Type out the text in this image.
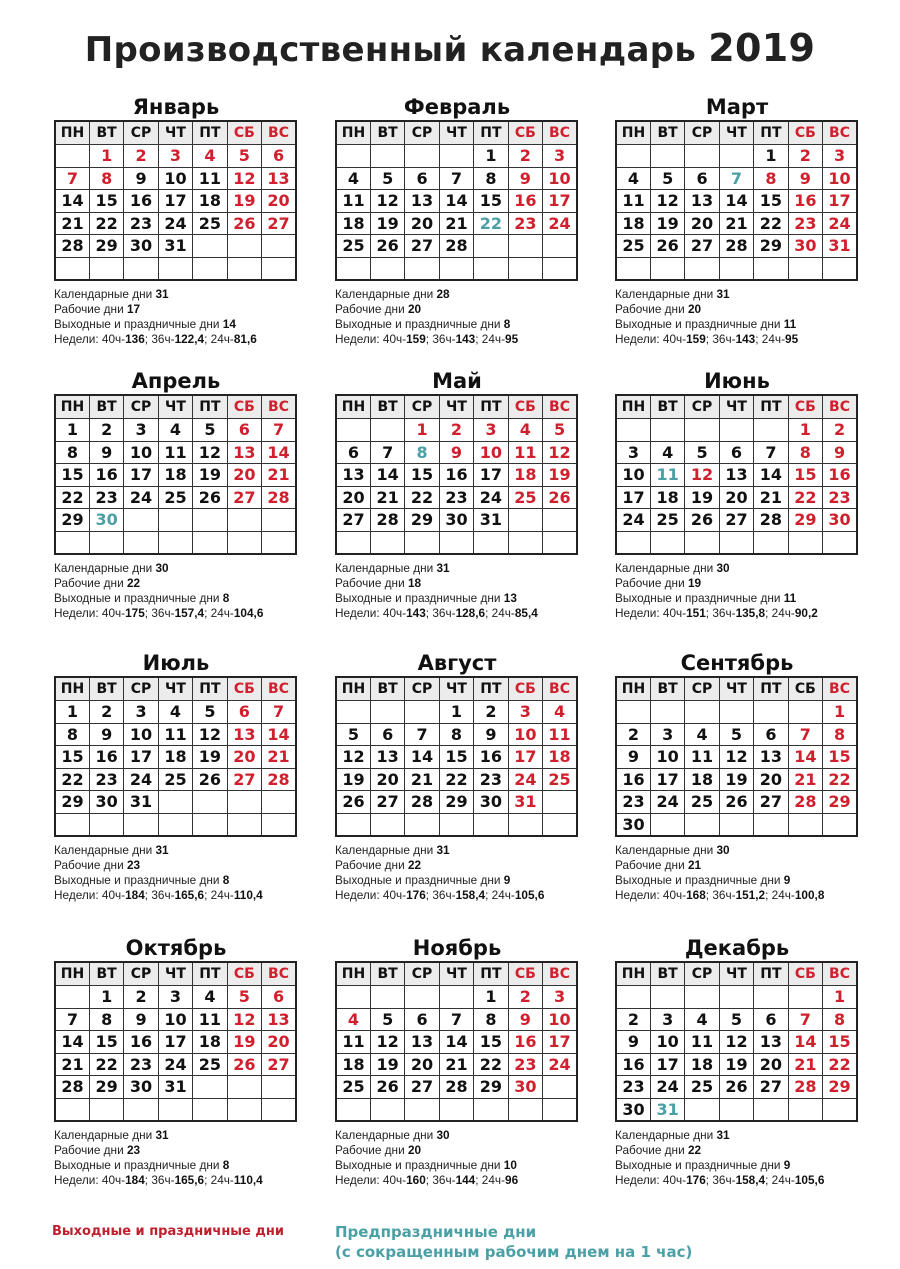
Производственный календарь 2019
Январь
ПН	ВТ	СР	ЧТ	ПТ	СБ	ВС
	1	2	3	4	5	6
7	8	9	10	11	12	13
14	15	16	17	18	19	20
21	22	23	24	25	26	27
28	29	30	31			

Календарные дни 31
Рабочие дни 17
Выходные и праздничные дни 14
Недели: 40ч-136; 36ч-122,4; 24ч-81,6
Февраль
ПН	ВТ	СР	ЧТ	ПТ	СБ	ВС
				1	2	3
4	5	6	7	8	9	10
11	12	13	14	15	16	17
18	19	20	21	22	23	24
25	26	27	28			

Календарные дни 28
Рабочие дни 20
Выходные и праздничные дни 8
Недели: 40ч-159; 36ч-143; 24ч-95
Март
ПН	ВТ	СР	ЧТ	ПТ	СБ	ВС
				1	2	3
4	5	6	7	8	9	10
11	12	13	14	15	16	17
18	19	20	21	22	23	24
25	26	27	28	29	30	31

Календарные дни 31
Рабочие дни 20
Выходные и праздничные дни 11
Недели: 40ч-159; 36ч-143; 24ч-95
Апрель
ПН	ВТ	СР	ЧТ	ПТ	СБ	ВС
1	2	3	4	5	6	7
8	9	10	11	12	13	14
15	16	17	18	19	20	21
22	23	24	25	26	27	28
29	30					

Календарные дни 30
Рабочие дни 22
Выходные и праздничные дни 8
Недели: 40ч-175; 36ч-157,4; 24ч-104,6
Май
ПН	ВТ	СР	ЧТ	ПТ	СБ	ВС
		1	2	3	4	5
6	7	8	9	10	11	12
13	14	15	16	17	18	19
20	21	22	23	24	25	26
27	28	29	30	31		

Календарные дни 31
Рабочие дни 18
Выходные и праздничные дни 13
Недели: 40ч-143; 36ч-128,6; 24ч-85,4
Июнь
ПН	ВТ	СР	ЧТ	ПТ	СБ	ВС
					1	2
3	4	5	6	7	8	9
10	11	12	13	14	15	16
17	18	19	20	21	22	23
24	25	26	27	28	29	30

Календарные дни 30
Рабочие дни 19
Выходные и праздничные дни 11
Недели: 40ч-151; 36ч-135,8; 24ч-90,2
Июль
ПН	ВТ	СР	ЧТ	ПТ	СБ	ВС
1	2	3	4	5	6	7
8	9	10	11	12	13	14
15	16	17	18	19	20	21
22	23	24	25	26	27	28
29	30	31				

Календарные дни 31
Рабочие дни 23
Выходные и праздничные дни 8
Недели: 40ч-184; 36ч-165,6; 24ч-110,4
Август
ПН	ВТ	СР	ЧТ	ПТ	СБ	ВС
			1	2	3	4
5	6	7	8	9	10	11
12	13	14	15	16	17	18
19	20	21	22	23	24	25
26	27	28	29	30	31	

Календарные дни 31
Рабочие дни 22
Выходные и праздничные дни 9
Недели: 40ч-176; 36ч-158,4; 24ч-105,6
Сентябрь
ПН	ВТ	СР	ЧТ	ПТ	СБ	ВС
						1
2	3	4	5	6	7	8
9	10	11	12	13	14	15
16	17	18	19	20	21	22
23	24	25	26	27	28	29
30						
Календарные дни 30
Рабочие дни 21
Выходные и праздничные дни 9
Недели: 40ч-168; 36ч-151,2; 24ч-100,8
Октябрь
ПН	ВТ	СР	ЧТ	ПТ	СБ	ВС
	1	2	3	4	5	6
7	8	9	10	11	12	13
14	15	16	17	18	19	20
21	22	23	24	25	26	27
28	29	30	31			

Календарные дни 31
Рабочие дни 23
Выходные и праздничные дни 8
Недели: 40ч-184; 36ч-165,6; 24ч-110,4
Ноябрь
ПН	ВТ	СР	ЧТ	ПТ	СБ	ВС
				1	2	3
4	5	6	7	8	9	10
11	12	13	14	15	16	17
18	19	20	21	22	23	24
25	26	27	28	29	30	

Календарные дни 30
Рабочие дни 20
Выходные и праздничные дни 10
Недели: 40ч-160; 36ч-144; 24ч-96
Декабрь
ПН	ВТ	СР	ЧТ	ПТ	СБ	ВС
						1
2	3	4	5	6	7	8
9	10	11	12	13	14	15
16	17	18	19	20	21	22
23	24	25	26	27	28	29
30	31					
Календарные дни 31
Рабочие дни 22
Выходные и праздничные дни 9
Недели: 40ч-176; 36ч-158,4; 24ч-105,6
Выходные и праздничные дни	Предпраздничные дни
(с сокращенным рабочим днем на 1 час)
